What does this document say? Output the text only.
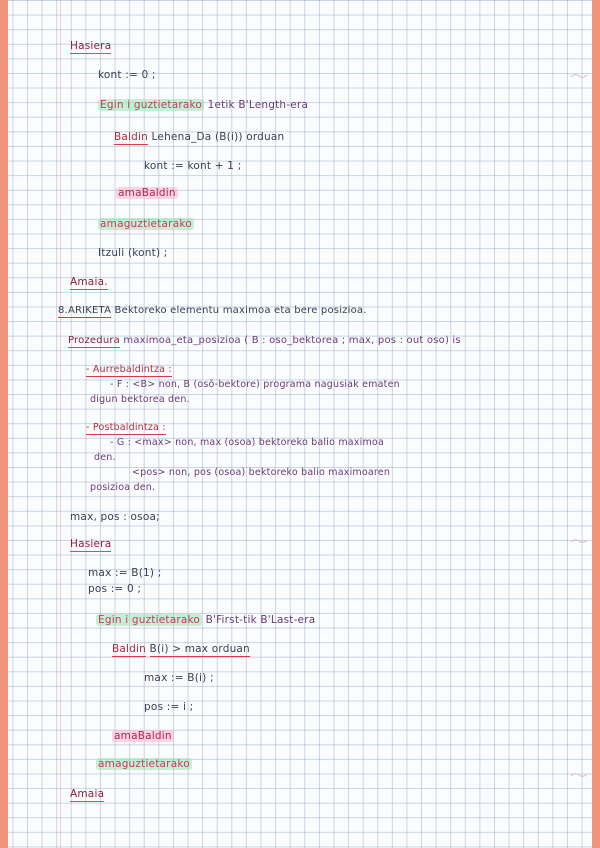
Hasiera
kont := 0 ;
Egin i guztietarako 1etik B'Length-era
Baldin Lehena_Da (B(i)) orduan
kont := kont + 1 ;
amaBaldin
amaguztietarako
Itzuli (kont) ;
Amaia.
8.ARIKETA Bektoreko elementu maximoa eta bere posizioa.
Prozedura maximoa_eta_posizioa ( B : oso_bektorea ; max, pos : out oso) is
- Aurrebaldintza :
- F : <B> non, B (osõ-bektore) programa nagusiak ematen
digun bektorea den.
- Postbaldintza :
- G : <max> non, max (osoa) bektoreko balio maximoa
den.
<pos> non, pos (osoa) bektoreko balio maximoaren
posizioa den.
max, pos : osoa;
Hasiera
max := B(1) ;
pos := 0 ;
Egin i guztietarako B'First-tik B'Last-era
Baldin B(i) > max orduan
max := B(i) ;
pos := i ;
amaBaldin
amaguztietarako
Amaia
